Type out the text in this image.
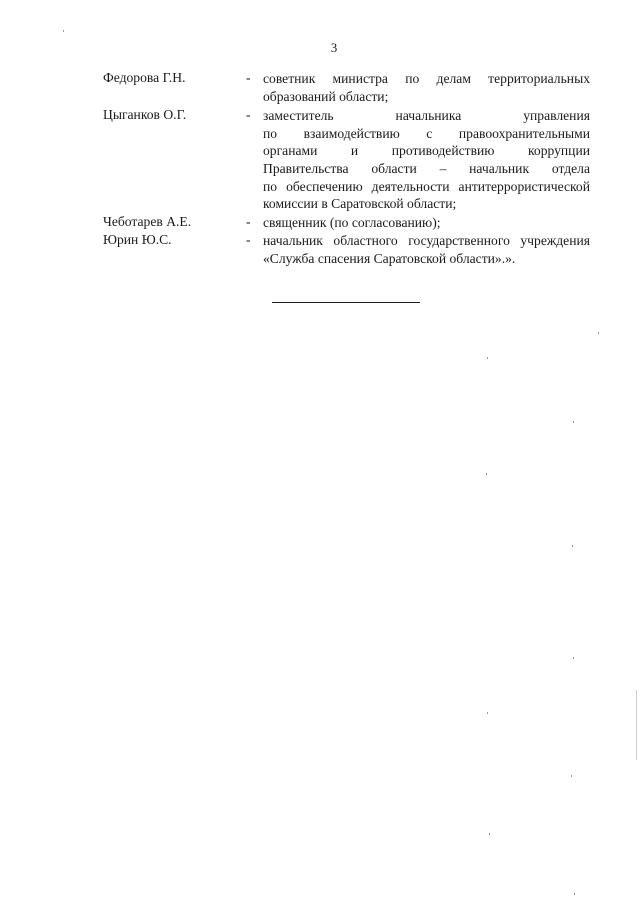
3
Федорова Г.Н.	- советник министра по делам территориальных
образований области;
Цыганков О.Г.	- заместитель начальника управления
по взаимодействию с правоохранительными
органами и противодействию коррупции
Правительства области – начальник отдела
по обеспечению деятельности антитеррористической
комиссии в Саратовской области;
Чеботарев А.Е.	- священник (по согласованию);
Юрин Ю.С.	- начальник областного государственного учреждения
«Служба спасения Саратовской области».».
